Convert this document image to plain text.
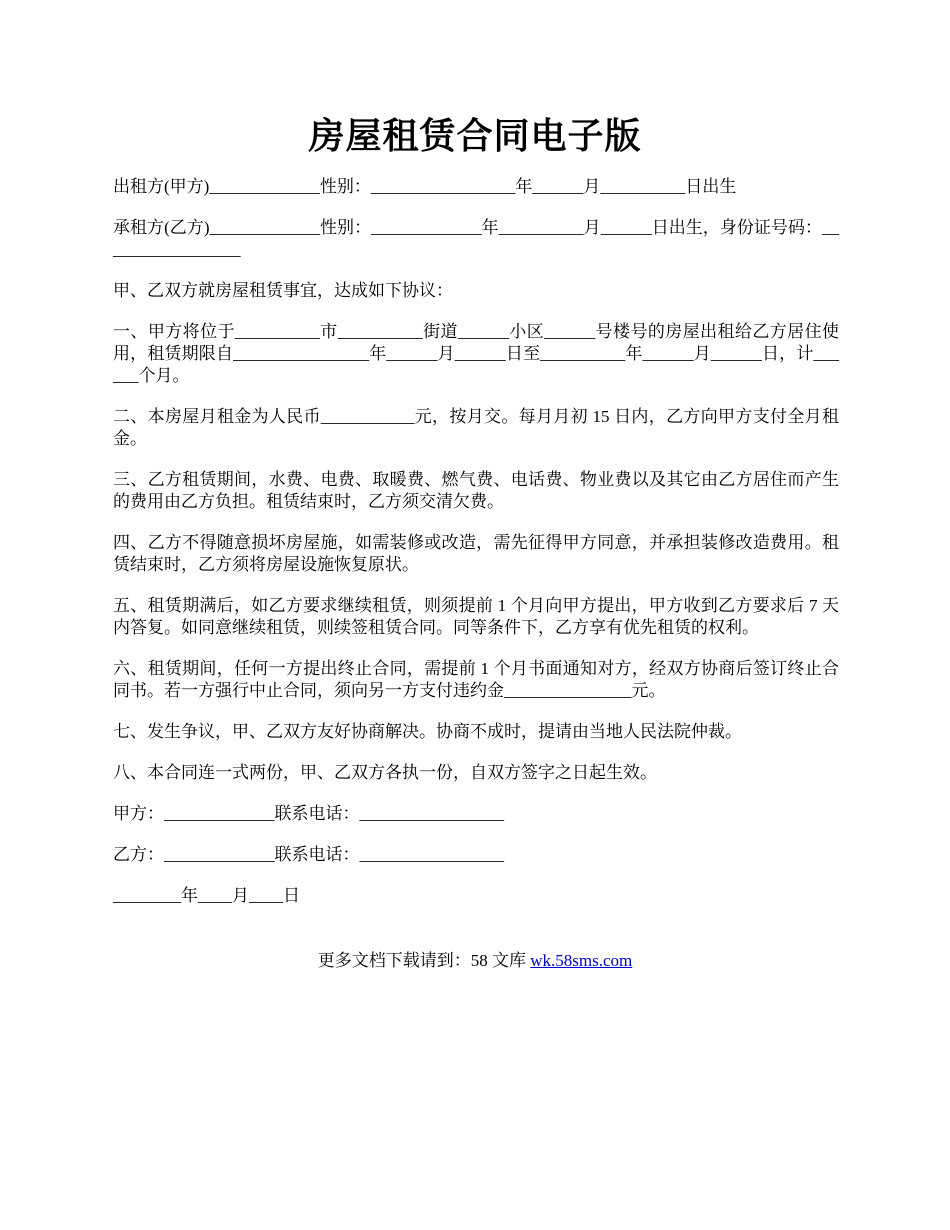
房屋租赁合同电子版

出租方(甲方)_____________性别：_________________年______月__________日出生

承租方(乙方)_____________性别：_____________年__________月______日出生，身份证号码：_________________

甲、乙双方就房屋租赁事宜，达成如下协议：

一、甲方将位于__________市__________街道______小区______号楼号的房屋出租给乙方居住使用，租赁期限自________________年______月______日至__________年______月______日，计______个月。

二、本房屋月租金为人民币___________元，按月交。每月月初 15 日内，乙方向甲方支付全月租金。

三、乙方租赁期间，水费、电费、取暖费、燃气费、电话费、物业费以及其它由乙方居住而产生的费用由乙方负担。租赁结束时，乙方须交清欠费。

四、乙方不得随意损坏房屋施，如需装修或改造，需先征得甲方同意，并承担装修改造费用。租赁结束时，乙方须将房屋设施恢复原状。

五、租赁期满后，如乙方要求继续租赁，则须提前 1 个月向甲方提出，甲方收到乙方要求后 7 天内答复。如同意继续租赁，则续签租赁合同。同等条件下，乙方享有优先租赁的权利。

六、租赁期间，任何一方提出终止合同，需提前 1 个月书面通知对方，经双方协商后签订终止合同书。若一方强行中止合同，须向另一方支付违约金_______________元。

七、发生争议，甲、乙双方友好协商解决。协商不成时，提请由当地人民法院仲裁。

八、本合同连一式两份，甲、乙双方各执一份，自双方签字之日起生效。

甲方：_____________联系电话：_________________

乙方：_____________联系电话：_________________

________年____月____日

更多文档下载请到：58 文库 wk.58sms.com
